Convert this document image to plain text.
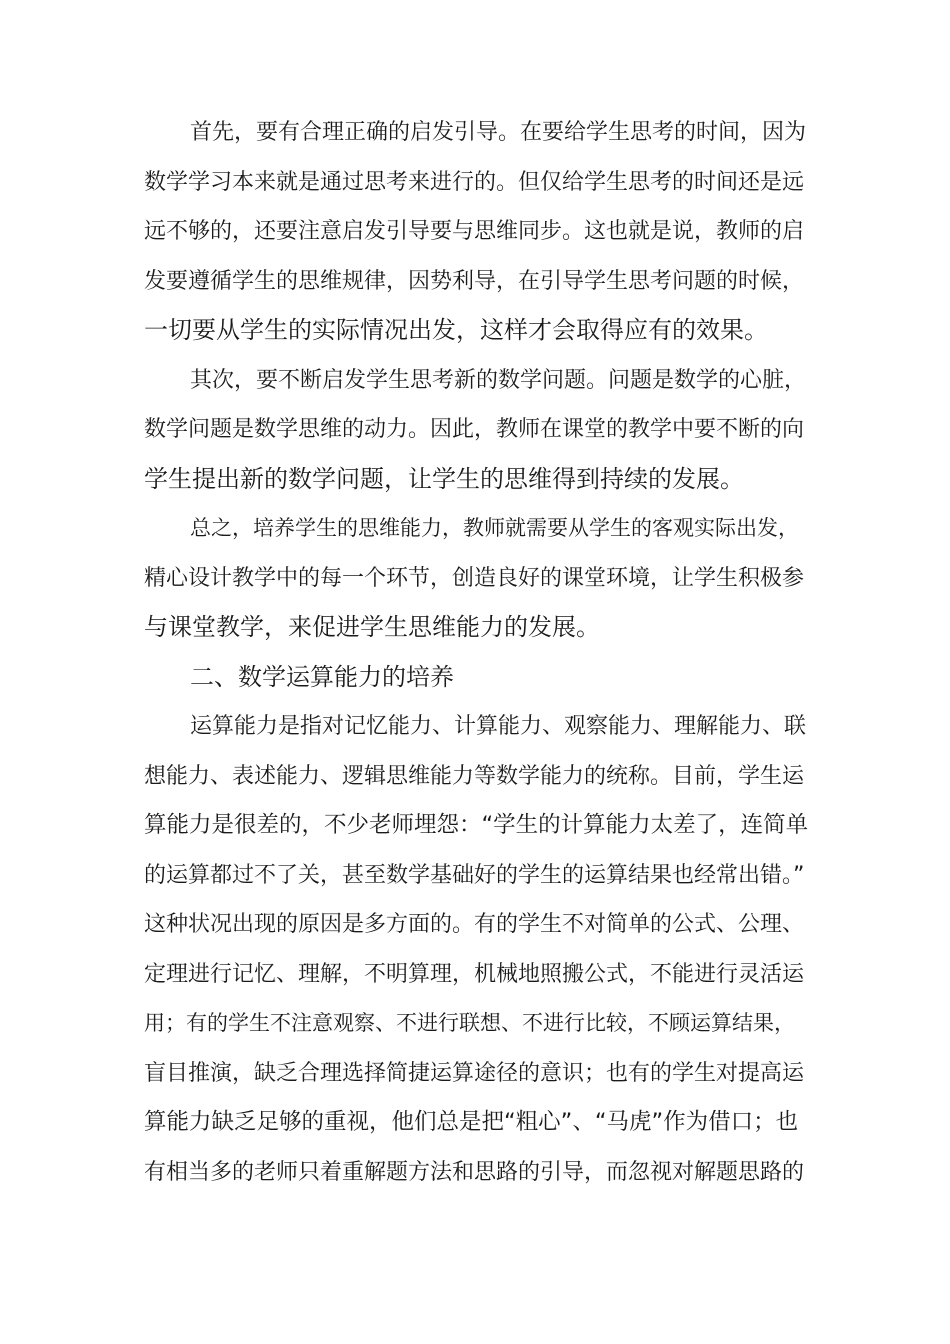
首先，要有合理正确的启发引导。在要给学生思考的时间，因为
数学学习本来就是通过思考来进行的。但仅给学生思考的时间还是远
远不够的，还要注意启发引导要与思维同步。这也就是说，教师的启
发要遵循学生的思维规律，因势利导，在引导学生思考问题的时候，
一切要从学生的实际情况出发，这样才会取得应有的效果。
其次，要不断启发学生思考新的数学问题。问题是数学的心脏，
数学问题是数学思维的动力。因此，教师在课堂的教学中要不断的向
学生提出新的数学问题，让学生的思维得到持续的发展。
总之，培养学生的思维能力，教师就需要从学生的客观实际出发，
精心设计教学中的每一个环节，创造良好的课堂环境，让学生积极参
与课堂教学，来促进学生思维能力的发展。
二、数学运算能力的培养
运算能力是指对记忆能力、计算能力、观察能力、理解能力、联
想能力、表述能力、逻辑思维能力等数学能力的统称。目前，学生运
算能力是很差的，不少老师埋怨：“学生的计算能力太差了，连简单
的运算都过不了关，甚至数学基础好的学生的运算结果也经常出错。”
这种状况出现的原因是多方面的。有的学生不对简单的公式、公理、
定理进行记忆、理解，不明算理，机械地照搬公式，不能进行灵活运
用；有的学生不注意观察、不进行联想、不进行比较，不顾运算结果，
盲目推演，缺乏合理选择简捷运算途径的意识；也有的学生对提高运
算能力缺乏足够的重视，他们总是把“粗心”、“马虎”作为借口；也
有相当多的老师只着重解题方法和思路的引导，而忽视对解题思路的
